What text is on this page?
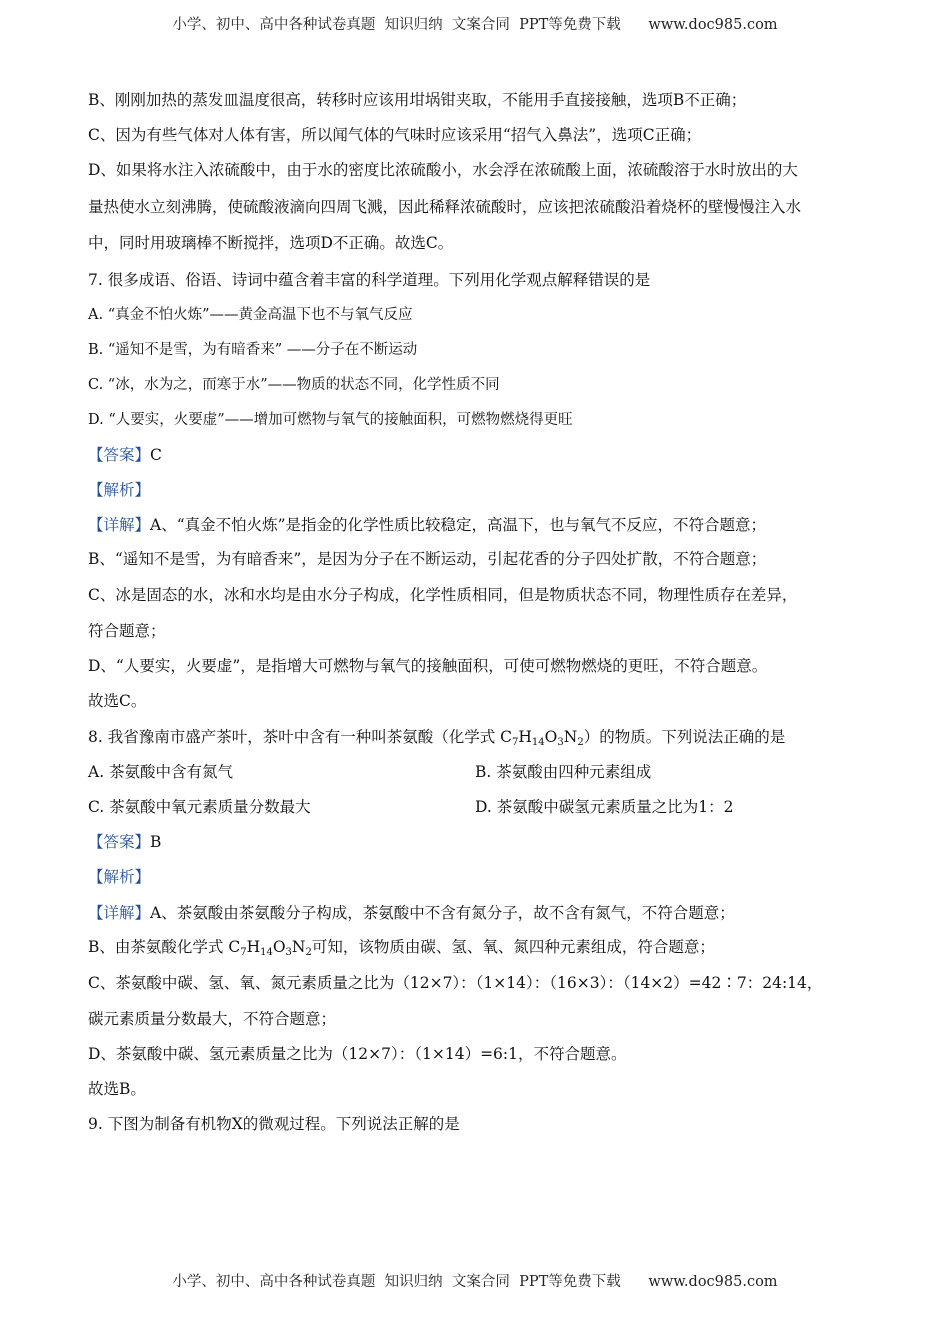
小学、初中、高中各种试卷真题  知识归纳  文案合同  PPT等免费下载      www.doc985.com
B、刚刚加热的蒸发皿温度很高，转移时应该用坩埚钳夹取，不能用手直接接触，选项B不正确；
C、因为有些气体对人体有害，所以闻气体的气味时应该采用“招气入鼻法”，选项C正确；
D、如果将水注入浓硫酸中，由于水的密度比浓硫酸小，水会浮在浓硫酸上面，浓硫酸溶于水时放出的大
量热使水立刻沸腾，使硫酸液滴向四周飞溅，因此稀释浓硫酸时，应该把浓硫酸沿着烧杯的壁慢慢注入水
中，同时用玻璃棒不断搅拌，选项D不正确。故选C。
7. 很多成语、俗语、诗词中蕴含着丰富的科学道理。下列用化学观点解释错误的是
A. “真金不怕火炼”——黄金高温下也不与氧气反应
B. “遥知不是雪，为有暗香来” ——分子在不断运动
C. “冰，水为之，而寒于水”——物质的状态不同，化学性质不同
D. “人要实，火要虚”——增加可燃物与氧气的接触面积，可燃物燃烧得更旺
【答案】C
【解析】
【详解】A、“真金不怕火炼”是指金的化学性质比较稳定，高温下，也与氧气不反应，不符合题意；
B、“遥知不是雪，为有暗香来”，是因为分子在不断运动，引起花香的分子四处扩散，不符合题意；
C、冰是固态的水，冰和水均是由水分子构成，化学性质相同，但是物质状态不同，物理性质存在差异，
符合题意；
D、“人要实，火要虚”，是指增大可燃物与氧气的接触面积，可使可燃物燃烧的更旺，不符合题意。
故选C。
8. 我省豫南市盛产茶叶，茶叶中含有一种叫茶氨酸（化学式 $C_7H_{14}O_3N_2$）的物质。下列说法正确的是
A. 茶氨酸中含有氮气	B. 茶氨酸由四种元素组成
C. 茶氨酸中氧元素质量分数最大	D. 茶氨酸中碳氢元素质量之比为1：2
【答案】B
【解析】
【详解】A、茶氨酸由茶氨酸分子构成，茶氨酸中不含有氮分子，故不含有氮气，不符合题意；
B、由茶氨酸化学式 $C_7H_{14}O_3N_2$可知，该物质由碳、氢、氧、氮四种元素组成，符合题意；
C、茶氨酸中碳、氢、氧、氮元素质量之比为（12×7）：（1×14）：（16×3）：（14×2）=42∶7：24:14，
碳元素质量分数最大，不符合题意；
D、茶氨酸中碳、氢元素质量之比为（12×7）：（1×14）=6:1，不符合题意。
故选B。
9. 下图为制备有机物X的微观过程。下列说法正解的是
小学、初中、高中各种试卷真题  知识归纳  文案合同  PPT等免费下载      www.doc985.com
